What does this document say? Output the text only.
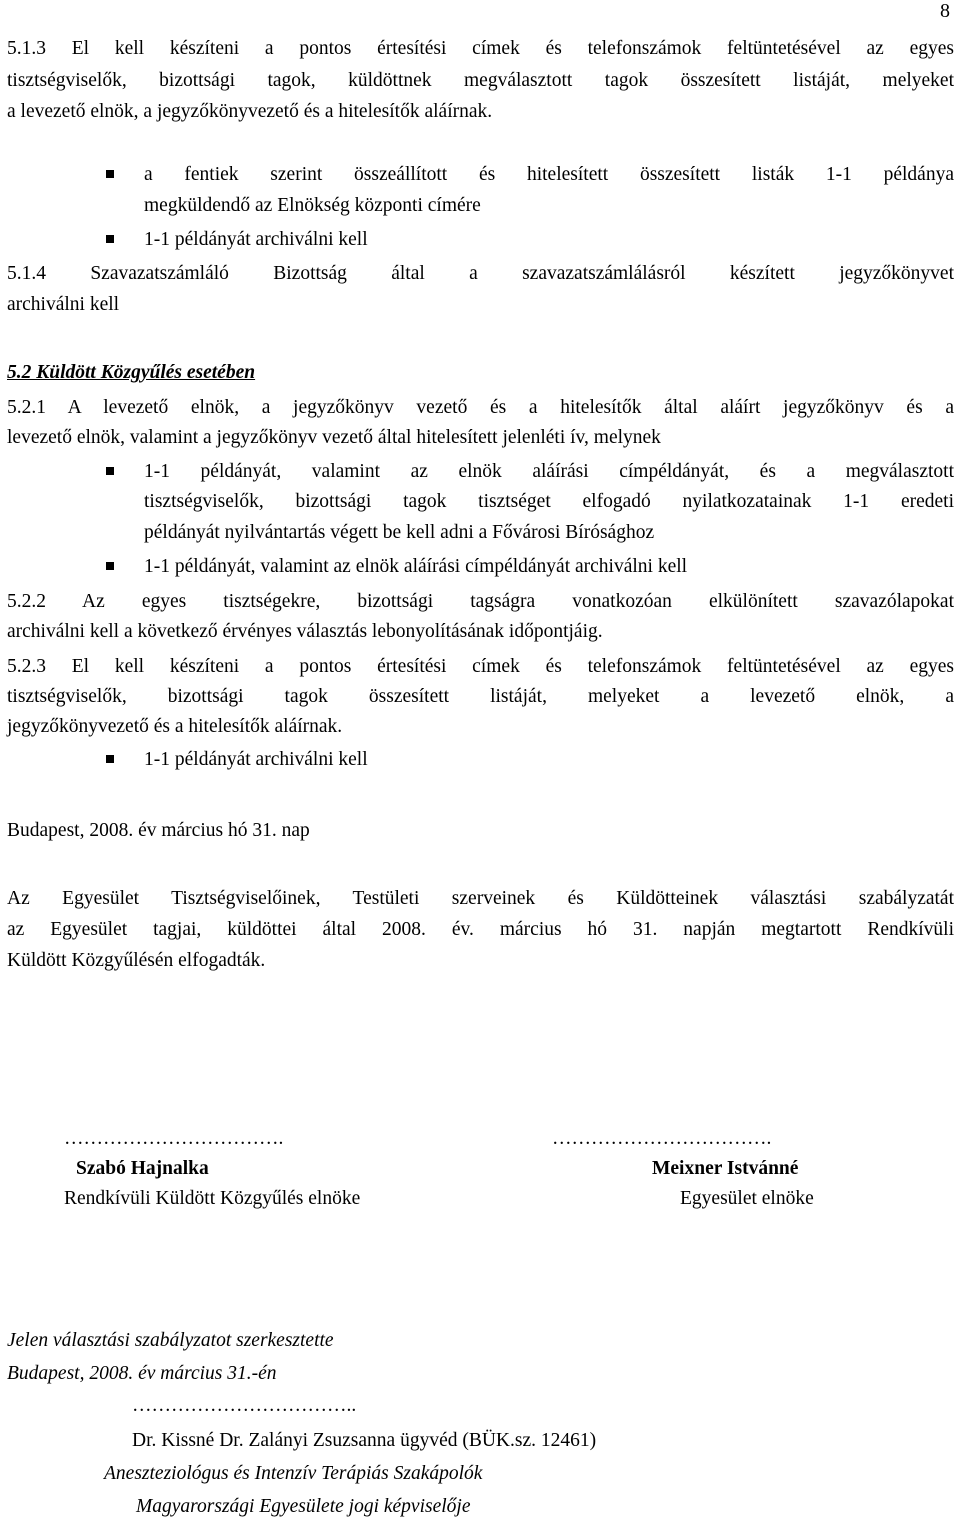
8
5.1.3 El kell készíteni a pontos értesítési címek és telefonszámok feltüntetésével az egyes
tisztségviselők, bizottsági tagok, küldöttnek megválasztott tagok összesített listáját, melyeket
a levezető elnök, a jegyzőkönyvezető és a hitelesítők aláírnak.
a fentiek szerint összeállított és hitelesített összesített listák 1-1 példánya
megküldendő az Elnökség központi címére
1-1 példányát archiválni kell
5.1.4 Szavazatszámláló Bizottság által a szavazatszámlálásról készített jegyzőkönyvet
archiválni kell
5.2 Küldött Közgyűlés esetében
5.2.1 A levezető elnök, a jegyzőkönyv vezető és a hitelesítők által aláírt jegyzőkönyv és a
levezető elnök, valamint a jegyzőkönyv vezető által hitelesített jelenléti ív, melynek
1-1 példányát, valamint az elnök aláírási címpéldányát, és a megválasztott
tisztségviselők, bizottsági tagok tisztséget elfogadó nyilatkozatainak 1-1 eredeti
példányát nyilvántartás végett be kell adni a Fővárosi Bírósághoz
1-1 példányát, valamint az elnök aláírási címpéldányát archiválni kell
5.2.2 Az egyes tisztségekre, bizottsági tagságra vonatkozóan elkülönített szavazólapokat
archiválni kell a következő érvényes választás lebonyolításának időpontjáig.
5.2.3 El kell készíteni a pontos értesítési címek és telefonszámok feltüntetésével az egyes
tisztségviselők, bizottsági tagok összesített listáját, melyeket a levezető elnök, a
jegyzőkönyvezető és a hitelesítők aláírnak.
1-1 példányát archiválni kell
Budapest, 2008. év március hó 31. nap
Az Egyesület Tisztségviselőinek, Testületi szerveinek és Küldötteinek választási szabályzatát
az Egyesület tagjai, küldöttei által 2008. év. március hó 31. napján megtartott Rendkívüli
Küldött Közgyűlésén elfogadták.
…………………………….
Szabó Hajnalka
Rendkívüli Küldött Közgyűlés elnöke
…………………………….
Meixner Istvánné
Egyesület elnöke
Jelen választási szabályzatot szerkesztette
Budapest, 2008. év március 31.-én
……………………………..
Dr. Kissné Dr. Zalányi Zsuzsanna ügyvéd (BÜK.sz. 12461)
Aneszteziológus és Intenzív Terápiás Szakápolók
Magyarországi Egyesülete jogi képviselője
